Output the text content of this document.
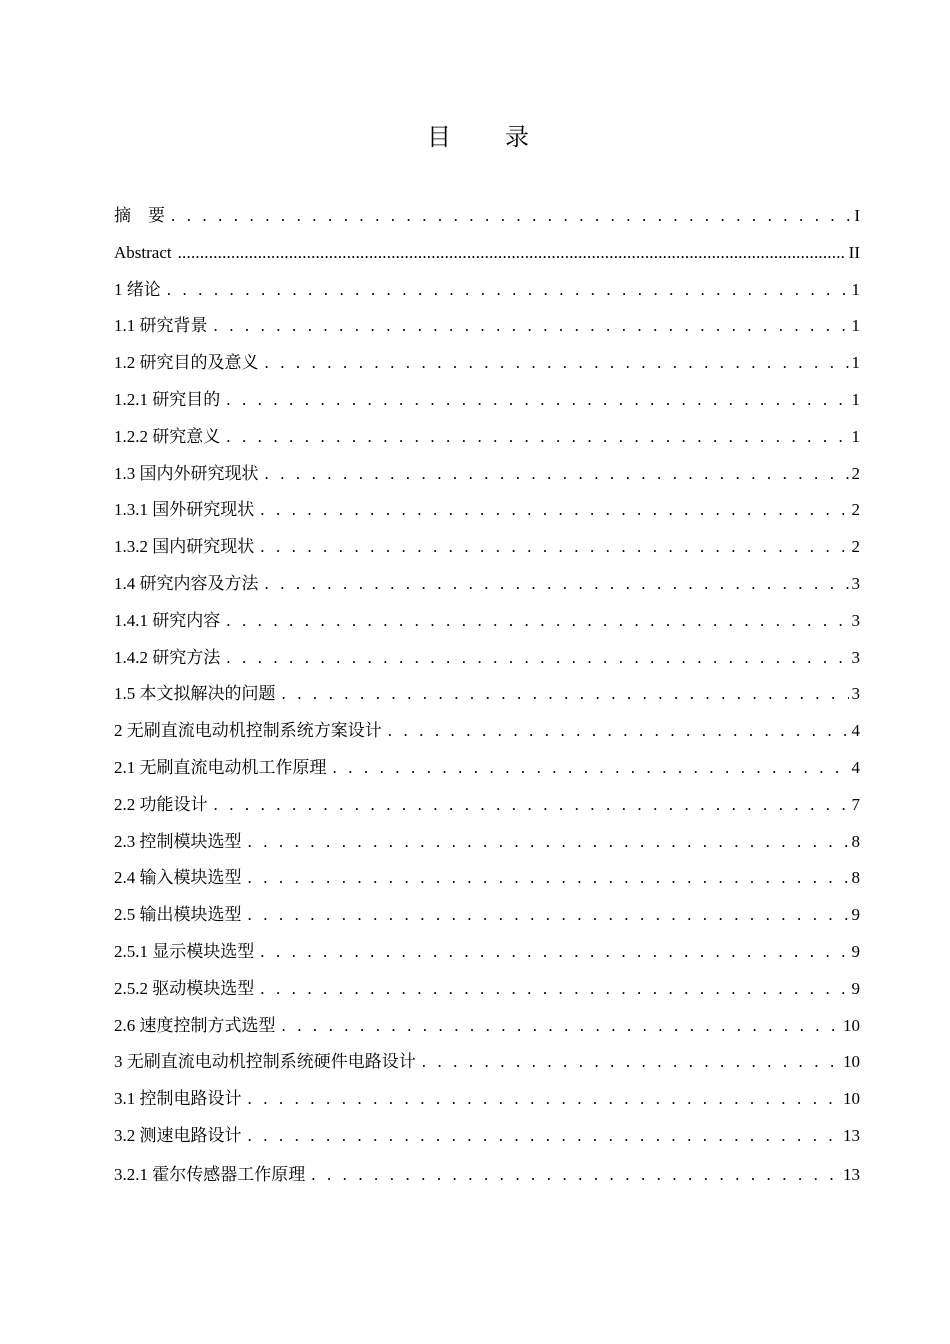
目 录
摘　要 . . .	I
Abstract .....	II
1 绪论 . . .	1
1.1 研究背景 . . .	1
1.2 研究目的及意义 . . .	1
1.2.1 研究目的 . . .	1
1.2.2 研究意义 . . .	1
1.3 国内外研究现状 . . .	2
1.3.1 国外研究现状 . . .	2
1.3.2 国内研究现状 . . .	2
1.4 研究内容及方法 . . .	3
1.4.1 研究内容 . . .	3
1.4.2 研究方法 . . .	3
1.5 本文拟解决的问题 . . .	3
2 无刷直流电动机控制系统方案设计 . . .	4
2.1 无刷直流电动机工作原理 . . .	4
2.2 功能设计 . . .	7
2.3 控制模块选型 . . .	8
2.4 输入模块选型 . . .	8
2.5 输出模块选型 . . .	9
2.5.1 显示模块选型 . . .	9
2.5.2 驱动模块选型 . . .	9
2.6 速度控制方式选型 . . .	10
3 无刷直流电动机控制系统硬件电路设计 . . .	10
3.1 控制电路设计 . . .	10
3.2 测速电路设计 . . .	13
3.2.1 霍尔传感器工作原理 . . .	13
